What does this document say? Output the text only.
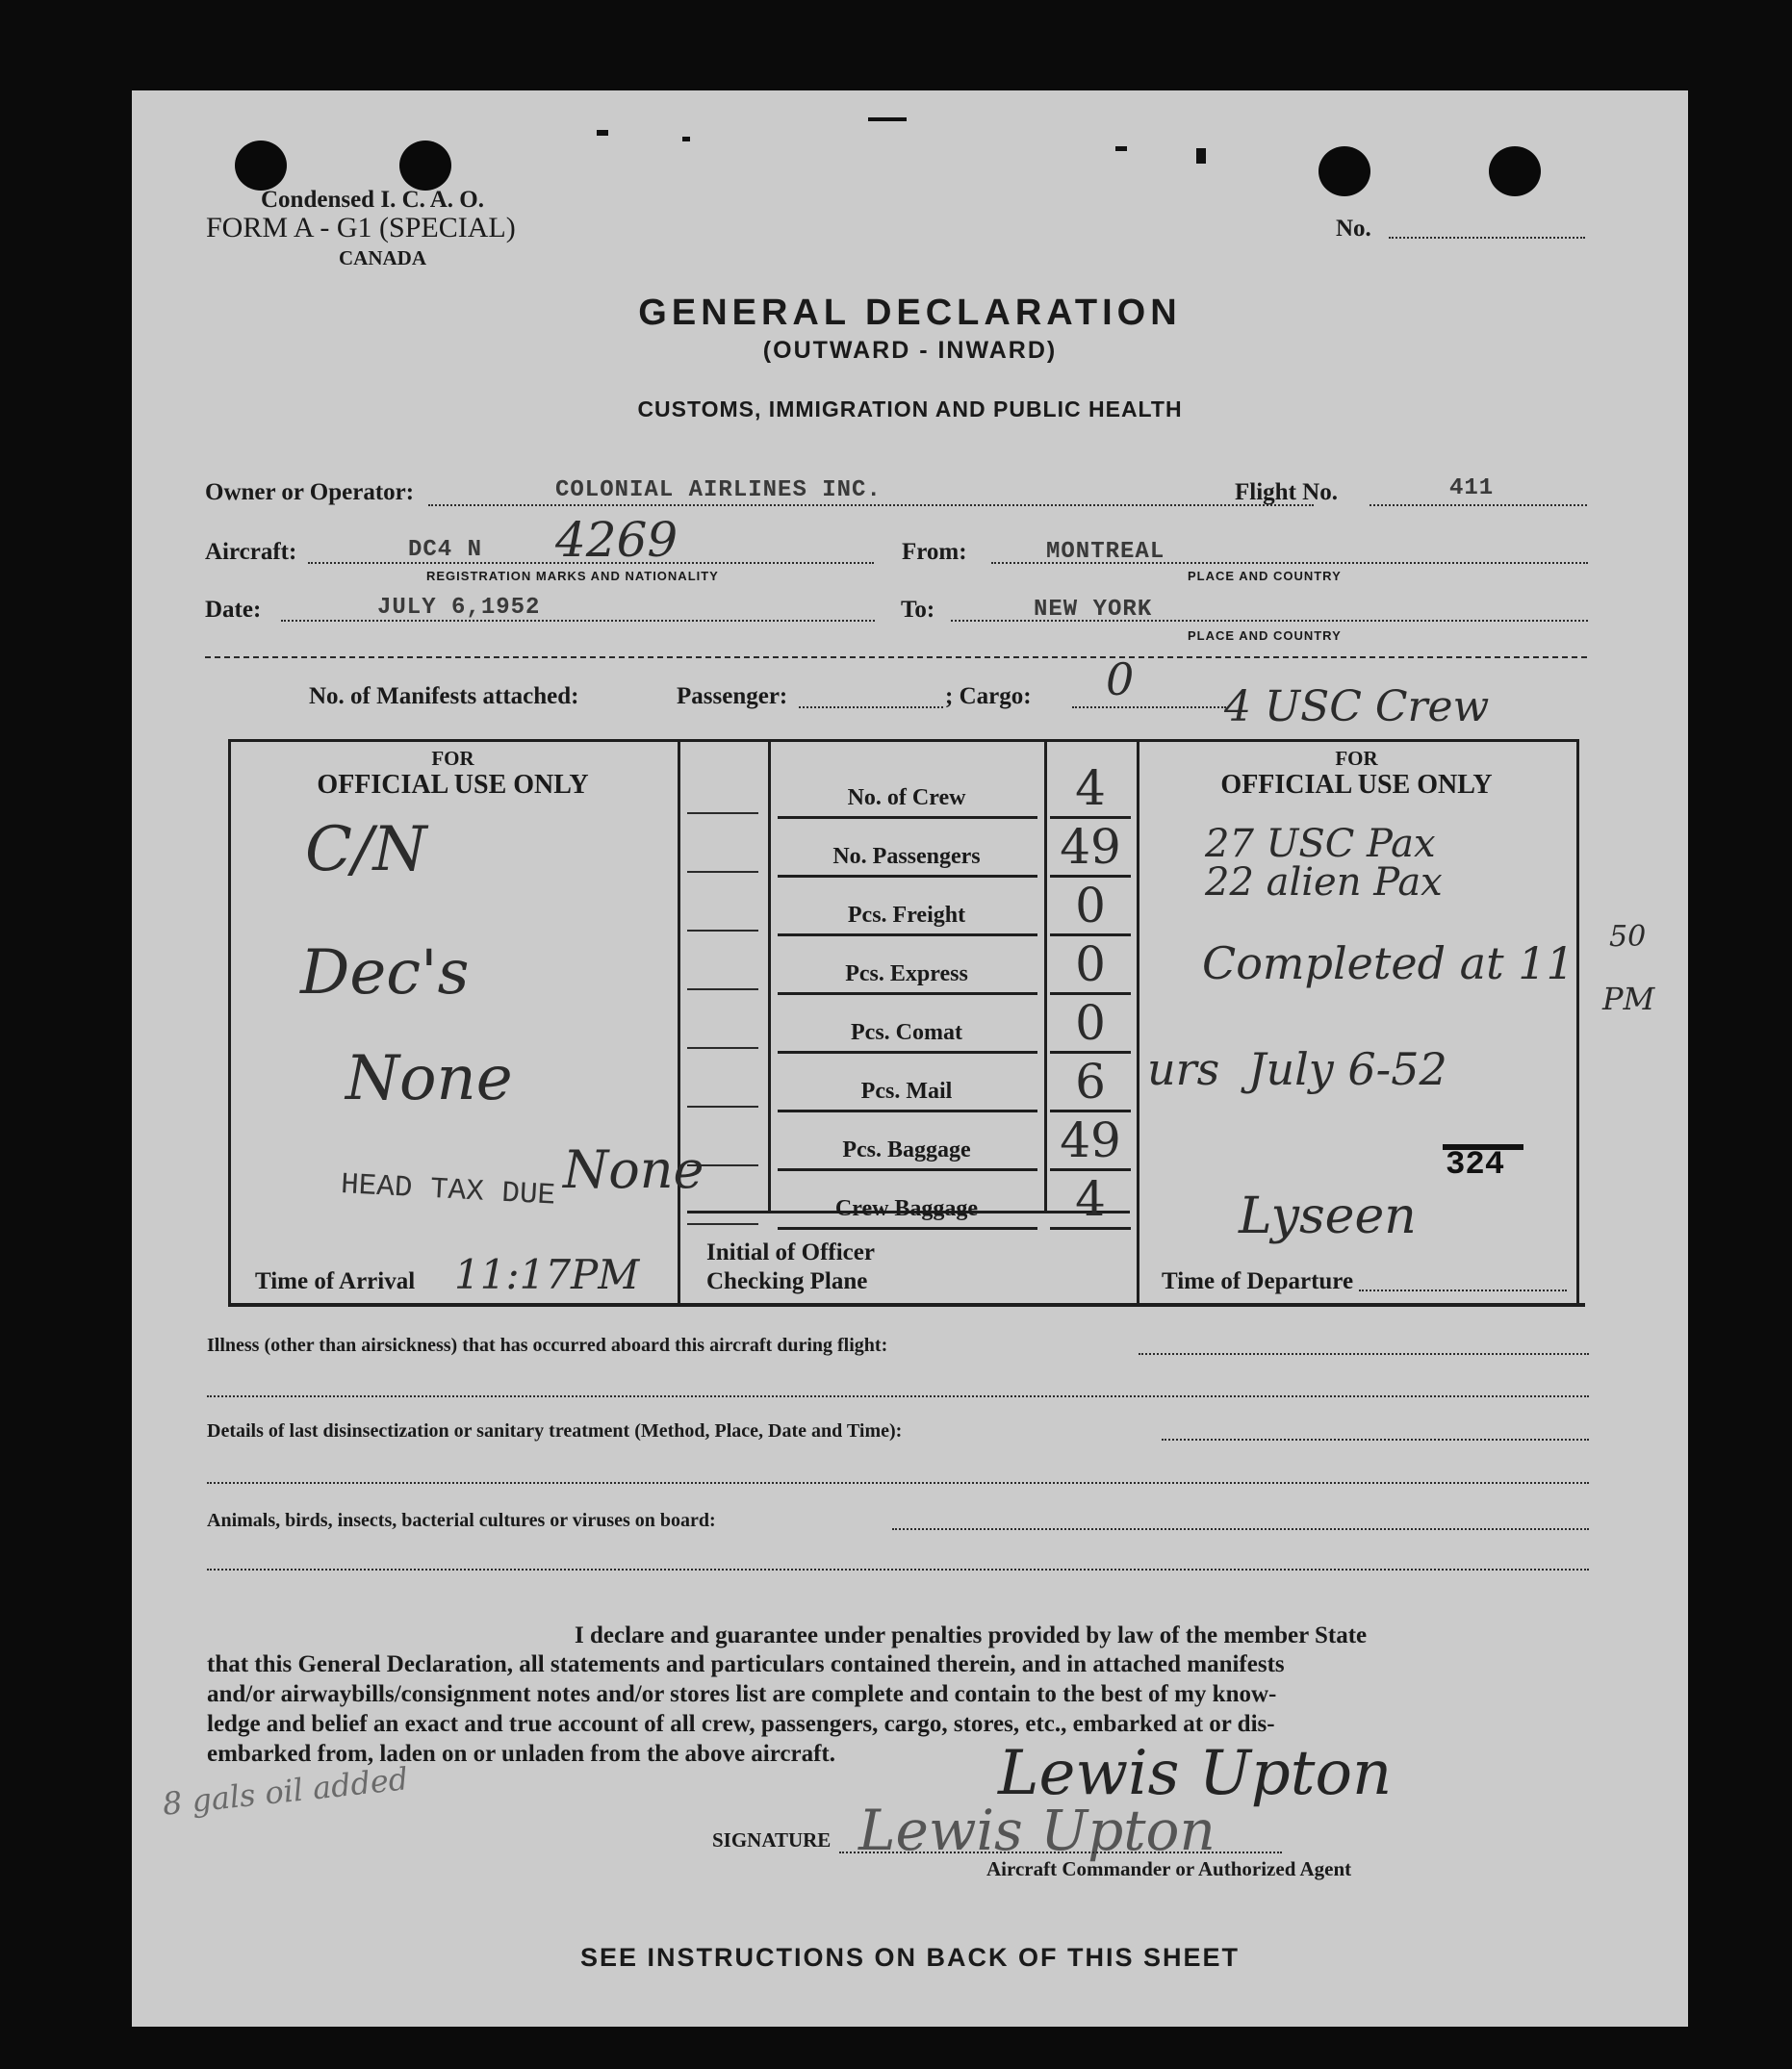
Condensed I. C. A. O.
FORM A - G1 (SPECIAL)
CANADA
No.
GENERAL DECLARATION
(OUTWARD - INWARD)
CUSTOMS, IMMIGRATION AND PUBLIC HEALTH
Owner or Operator:	COLONIAL AIRLINES INC.	Flight No.	411
Aircraft:	DC4 N 4269
REGISTRATION MARKS AND NATIONALITY
From:	MONTREAL
PLACE AND COUNTRY
Date:	JULY 6,1952	To:	NEW YORK
PLACE AND COUNTRY
No. of Manifests attached:	Passenger:	; Cargo: 0
4 USC Crew
FOR
OFFICIAL USE ONLY
C/N
Dec's
None
HEAD TAX DUE None
Time of Arrival 11:17PM
No. of Crew	4
No. Passengers	49
Pcs. Freight	0
Pcs. Express	0
Pcs. Comat	0
Pcs. Mail	6
Pcs. Baggage	49
Crew Baggage	4
Initial of Officer
Checking Plane
FOR
OFFICIAL USE ONLY
27 USC Pax
22 alien Pax
Completed at 11
50
PM
urs July 6-52
324
Lyseen
Time of Departure
Illness (other than airsickness) that has occurred aboard this aircraft during flight:
Details of last disinsectization or sanitary treatment (Method, Place, Date and Time):
Animals, birds, insects, bacterial cultures or viruses on board:
I declare and guarantee under penalties provided by law of the member State
that this General Declaration, all statements and particulars contained therein, and in attached manifests
and/or airwaybills/consignment notes and/or stores list are complete and contain to the best of my know-
ledge and belief an exact and true account of all crew, passengers, cargo, stores, etc., embarked at or dis-
embarked from, laden on or unladen from the above aircraft.
8 gals oil added	Lewis Upton
SIGNATURE Lewis Upton
Aircraft Commander or Authorized Agent
SEE INSTRUCTIONS ON BACK OF THIS SHEET
